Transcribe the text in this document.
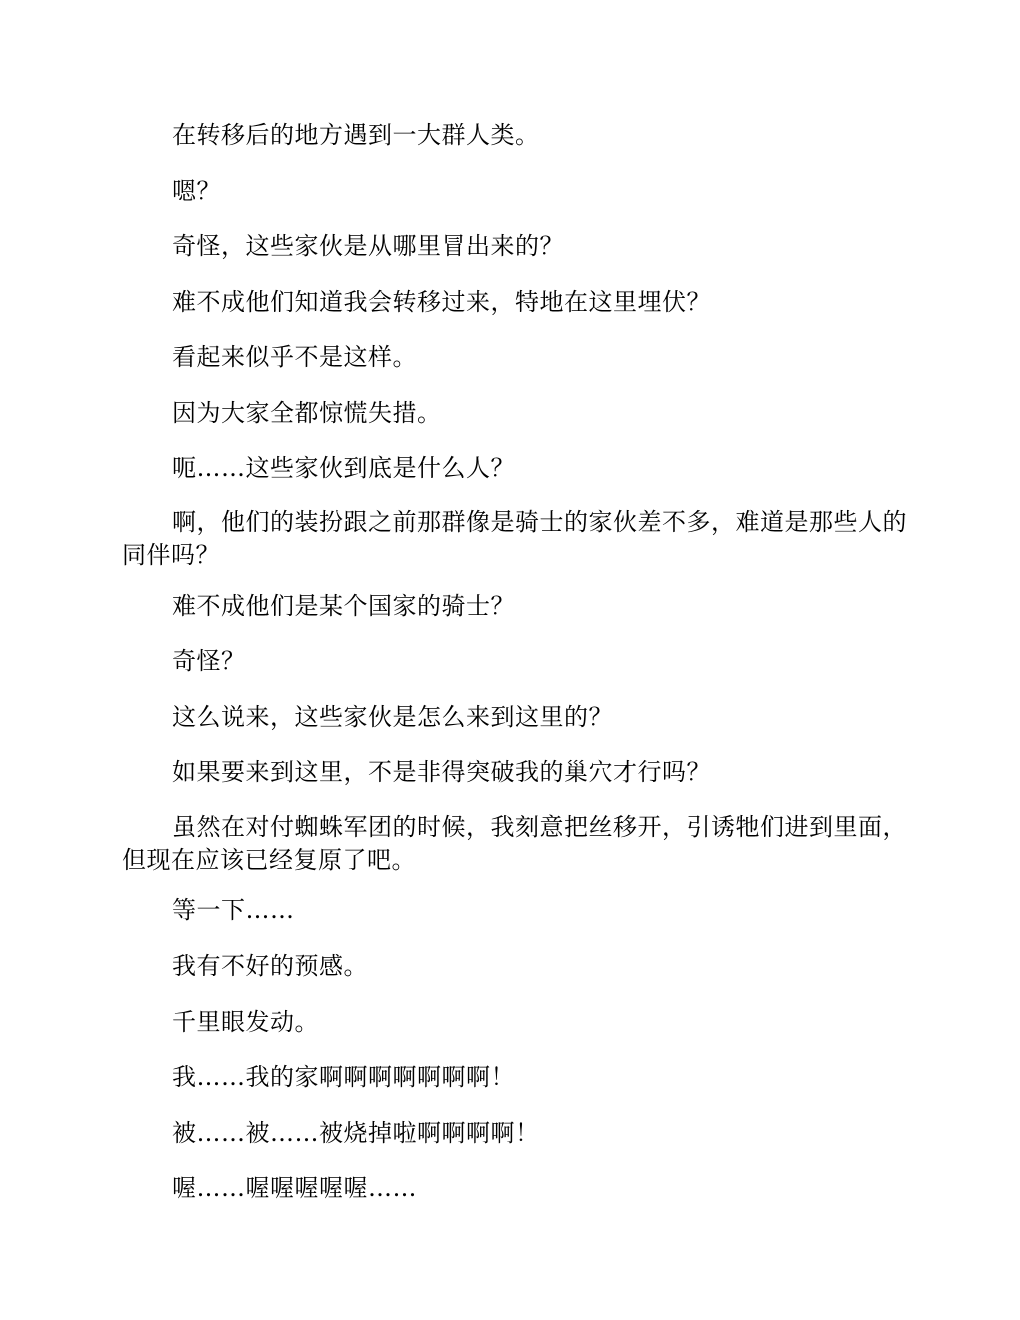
在转移后的地方遇到一大群人类。

嗯？

奇怪，这些家伙是从哪里冒出来的？

难不成他们知道我会转移过来，特地在这里埋伏？

看起来似乎不是这样。

因为大家全都惊慌失措。

呃……这些家伙到底是什么人？

啊，他们的装扮跟之前那群像是骑士的家伙差不多，难道是那些人的同伴吗？

难不成他们是某个国家的骑士？

奇怪？

这么说来，这些家伙是怎么来到这里的？

如果要来到这里，不是非得突破我的巢穴才行吗？

虽然在对付蜘蛛军团的时候，我刻意把丝移开，引诱牠们进到里面，但现在应该已经复原了吧。

等一下……

我有不好的预感。

千里眼发动。

我……我的家啊啊啊啊啊啊啊！

被……被……被烧掉啦啊啊啊啊！

喔……喔喔喔喔喔……
